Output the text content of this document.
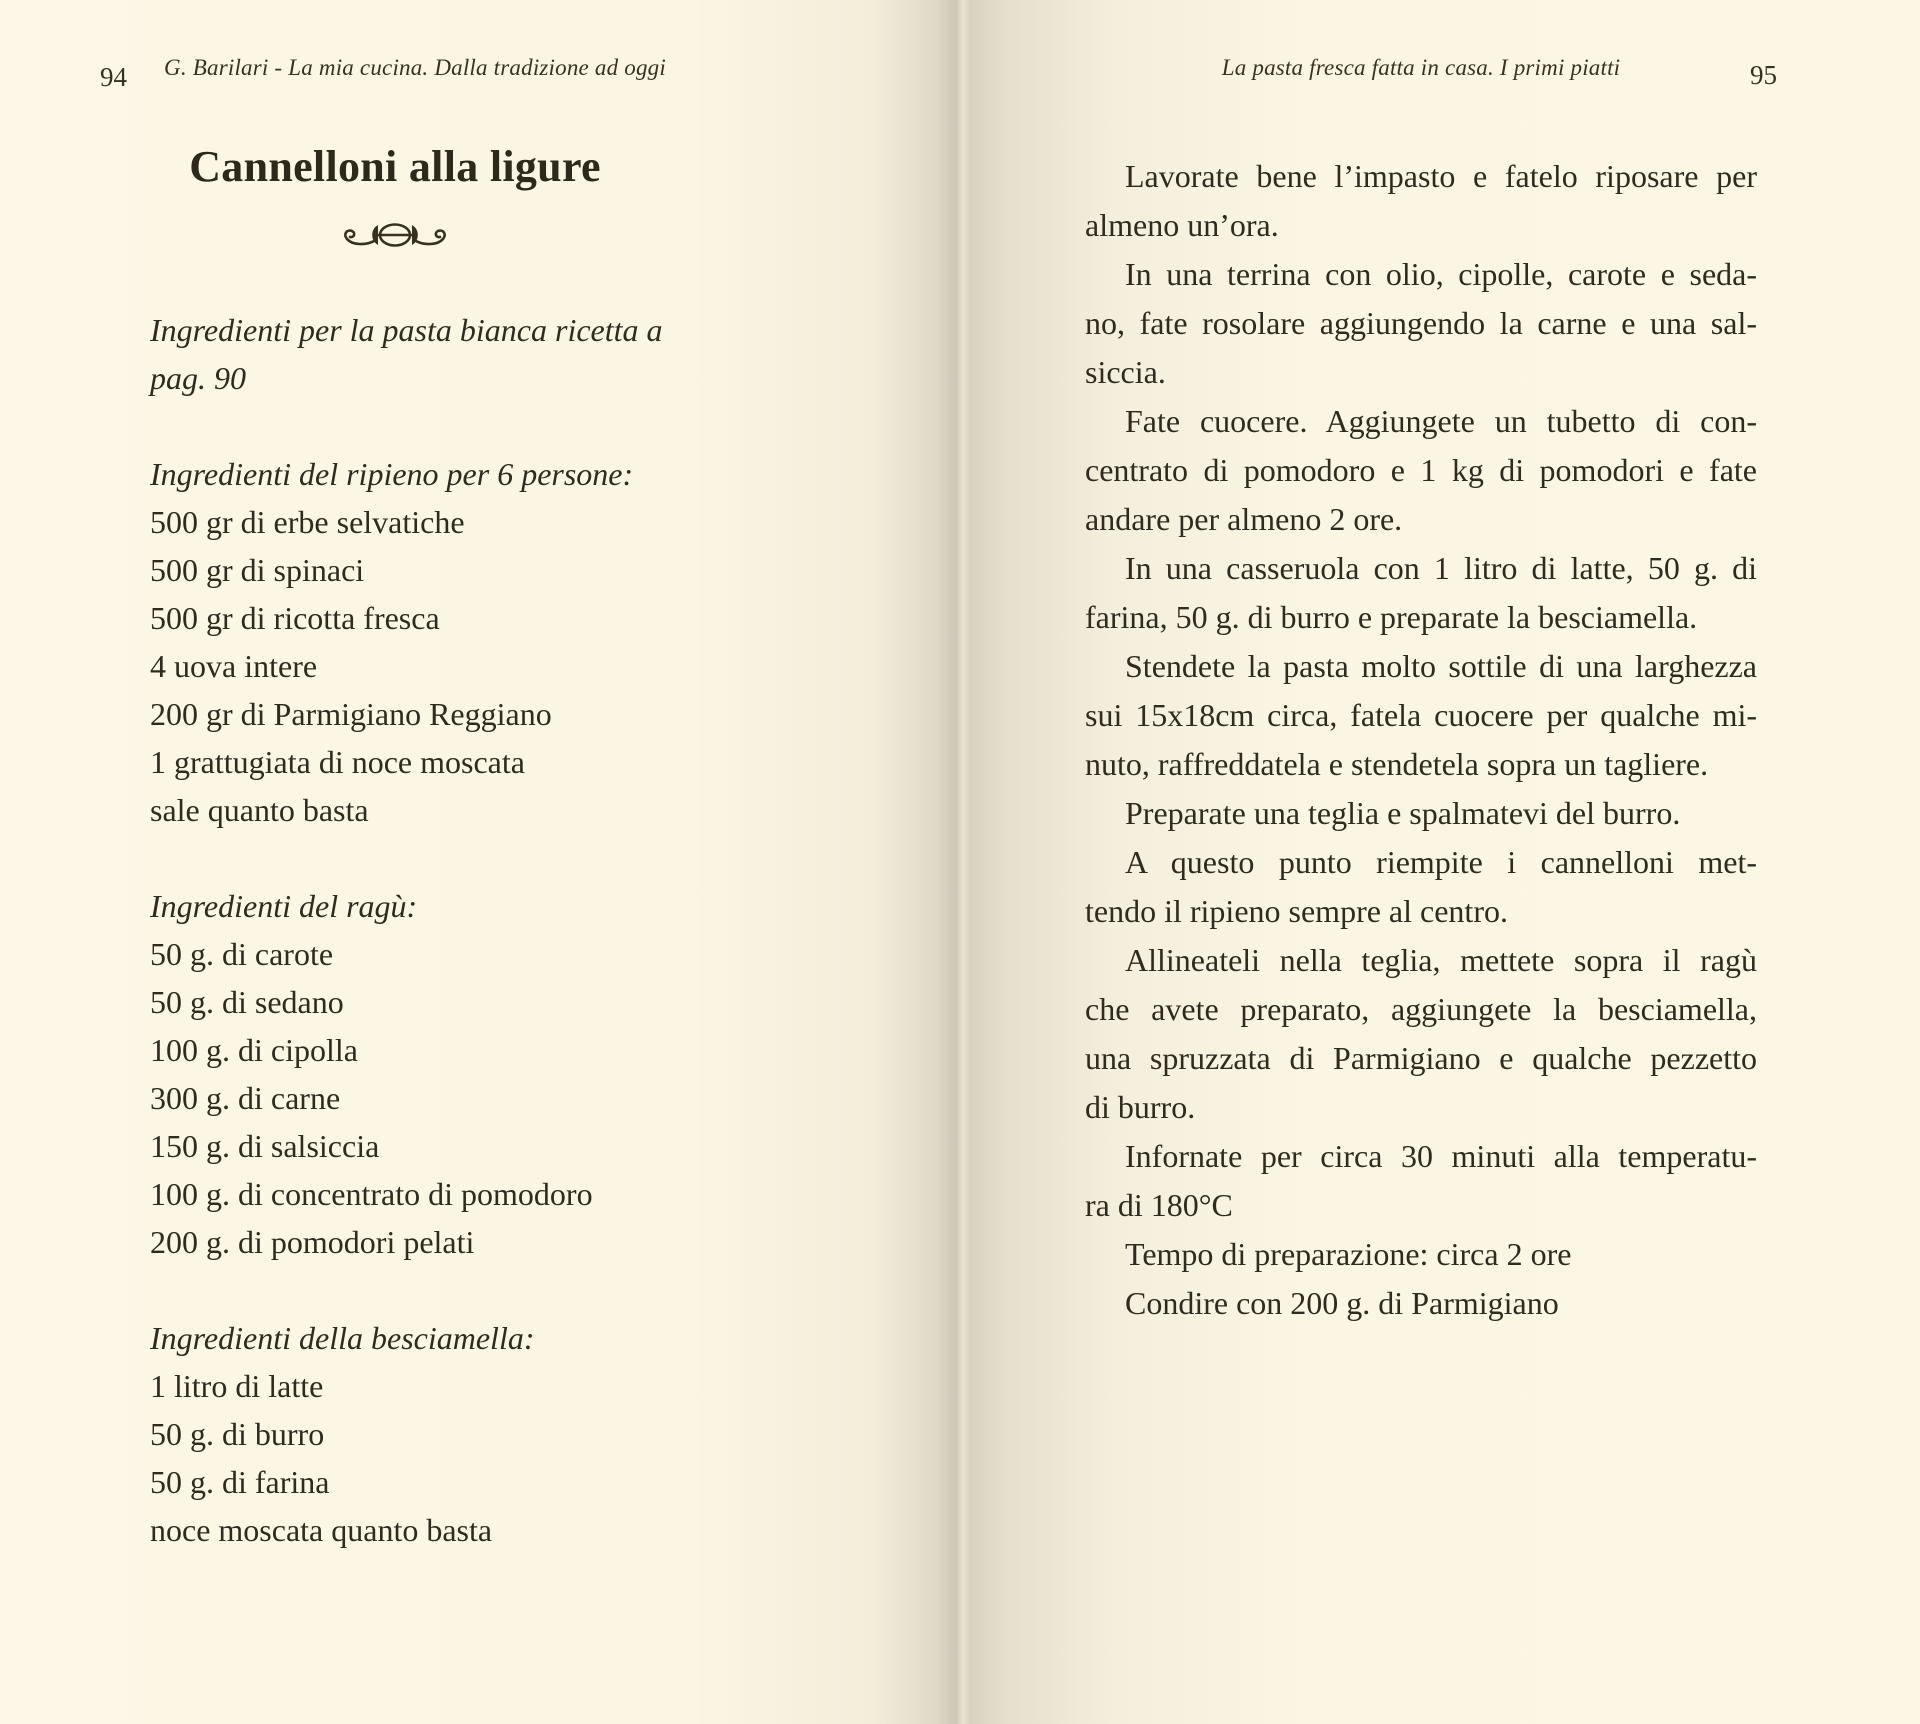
94	G. Barilari - La mia cucina. Dalla tradizione ad oggi
Cannelloni alla ligure
Ingredienti per la pasta bianca ricetta a pag. 90
Ingredienti del ripieno per 6 persone:
500 gr di erbe selvatiche
500 gr di spinaci
500 gr di ricotta fresca
4 uova intere
200 gr di Parmigiano Reggiano
1 grattugiata di noce moscata
sale quanto basta
Ingredienti del ragù:
50 g. di carote
50 g. di sedano
100 g. di cipolla
300 g. di carne
150 g. di salsiccia
100 g. di concentrato di pomodoro
200 g. di pomodori pelati
Ingredienti della besciamella:
1 litro di latte
50 g. di burro
50 g. di farina
noce moscata quanto basta
La pasta fresca fatta in casa. I primi piatti	95
Lavorate bene l’impasto e fatelo riposare per
almeno un’ora.
In una terrina con olio, cipolle, carote e seda-
no, fate rosolare aggiungendo la carne e una sal-
siccia.
Fate cuocere. Aggiungete un tubetto di con-
centrato di pomodoro e 1 kg di pomodori e fate
andare per almeno 2 ore.
In una casseruola con 1 litro di latte, 50 g. di
farina, 50 g. di burro e preparate la besciamella.
Stendete la pasta molto sottile di una larghezza
sui 15x18cm circa, fatela cuocere per qualche mi-
nuto, raffreddatela e stendetela sopra un tagliere.
Preparate una teglia e spalmatevi del burro.
A questo punto riempite i cannelloni met-
tendo il ripieno sempre al centro.
Allineateli nella teglia, mettete sopra il ragù
che avete preparato, aggiungete la besciamella,
una spruzzata di Parmigiano e qualche pezzetto
di burro.
Infornate per circa 30 minuti alla temperatu-
ra di 180°C
Tempo di preparazione: circa 2 ore
Condire con 200 g. di Parmigiano
